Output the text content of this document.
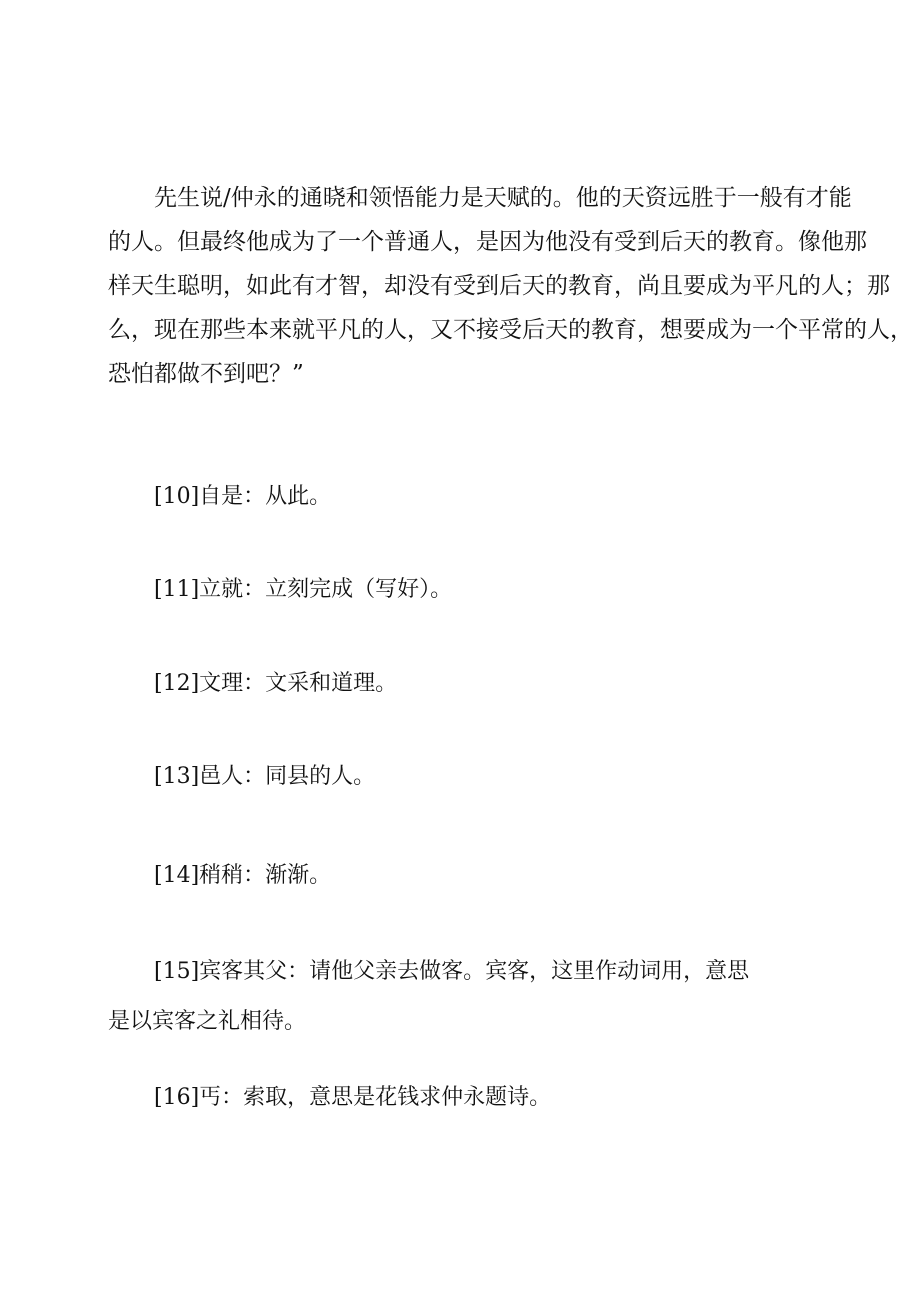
先生说/仲永的通晓和领悟能力是天赋的。他的天资远胜于一般有才能
的人。但最终他成为了一个普通人，是因为他没有受到后天的教育。像他那
样天生聪明，如此有才智，却没有受到后天的教育，尚且要成为平凡的人；那
么，现在那些本来就平凡的人，又不接受后天的教育，想要成为一个平常的人，
恐怕都做不到吧？”

[10]自是：从此。

[11]立就：立刻完成（写好）。

[12]文理：文采和道理。

[13]邑人：同县的人。

[14]稍稍：渐渐。

[15]宾客其父：请他父亲去做客。宾客，这里作动词用，意思
是以宾客之礼相待。

[16]丐：索取，意思是花钱求仲永题诗。
